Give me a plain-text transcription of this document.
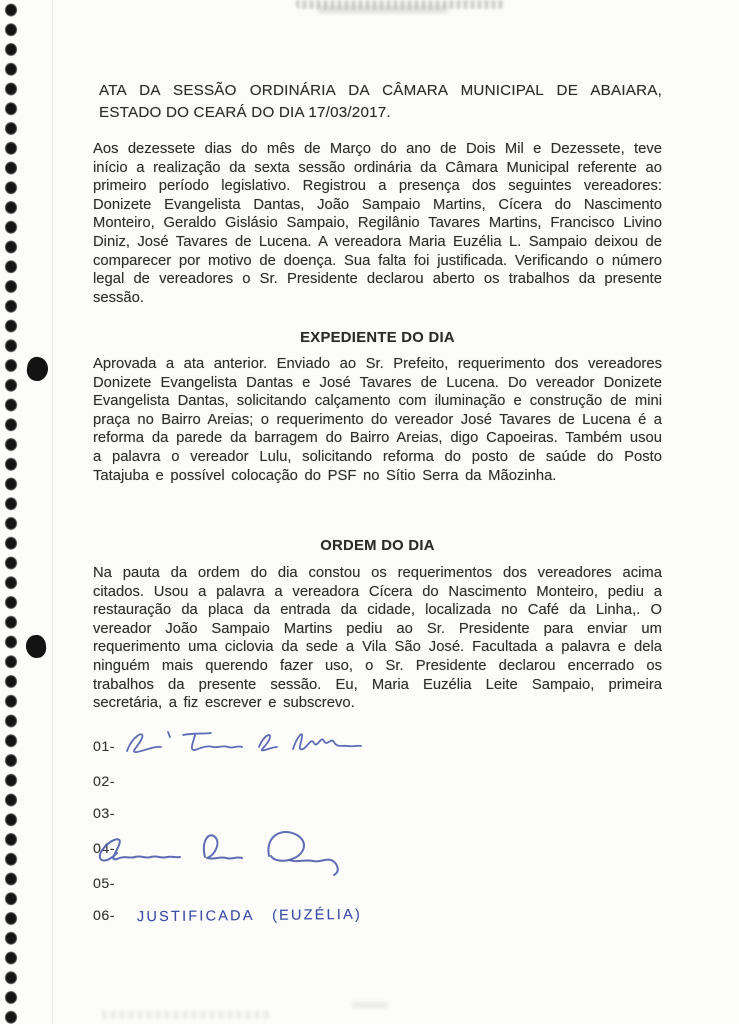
ATA DA SESSÃO ORDINÁRIA DA CÂMARA MUNICIPAL DE ABAIARA,
ESTADO DO CEARÁ DO DIA 17/03/2017.

Aos dezessete dias do mês de Março do ano de Dois Mil e Dezessete, teve início a realização da sexta sessão ordinária da Câmara Municipal referente ao primeiro período legislativo. Registrou a presença dos seguintes vereadores: Donizete Evangelista Dantas, João Sampaio Martins, Cícera do Nascimento Monteiro, Geraldo Gislásio Sampaio, Regilânio Tavares Martins, Francisco Livino Diniz, José Tavares de Lucena. A vereadora Maria Euzélia L. Sampaio deixou de comparecer por motivo de doença. Sua falta foi justificada. Verificando o número legal de vereadores o Sr. Presidente declarou aberto os trabalhos da presente sessão.

EXPEDIENTE DO DIA

Aprovada a ata anterior. Enviado ao Sr. Prefeito, requerimento dos vereadores Donizete Evangelista Dantas e José Tavares de Lucena. Do vereador Donizete Evangelista Dantas, solicitando calçamento com iluminação e construção de mini praça no Bairro Areias; o requerimento do vereador José Tavares de Lucena é a reforma da parede da barragem do Bairro Areias, digo Capoeiras. Também usou a palavra o vereador Lulu, solicitando reforma do posto de saúde do Posto Tatajuba e possível colocação do PSF no Sítio Serra da Mãozinha.

ORDEM DO DIA

Na pauta da ordem do dia constou os requerimentos dos vereadores acima citados. Usou a palavra a vereadora Cícera do Nascimento Monteiro, pediu a restauração da placa da entrada da cidade, localizada no Café da Linha,. O vereador João Sampaio Martins pediu ao Sr. Presidente para enviar um requerimento uma ciclovia da sede a Vila São José. Facultada a palavra e dela ninguém mais querendo fazer uso, o Sr. Presidente declarou encerrado os trabalhos da presente sessão. Eu, Maria Euzélia Leite Sampaio, primeira secretária, a fiz escrever e subscrevo.

01-
02-
03-
04-
05-
06- JUSTIFICADA (EUZÉLIA)
